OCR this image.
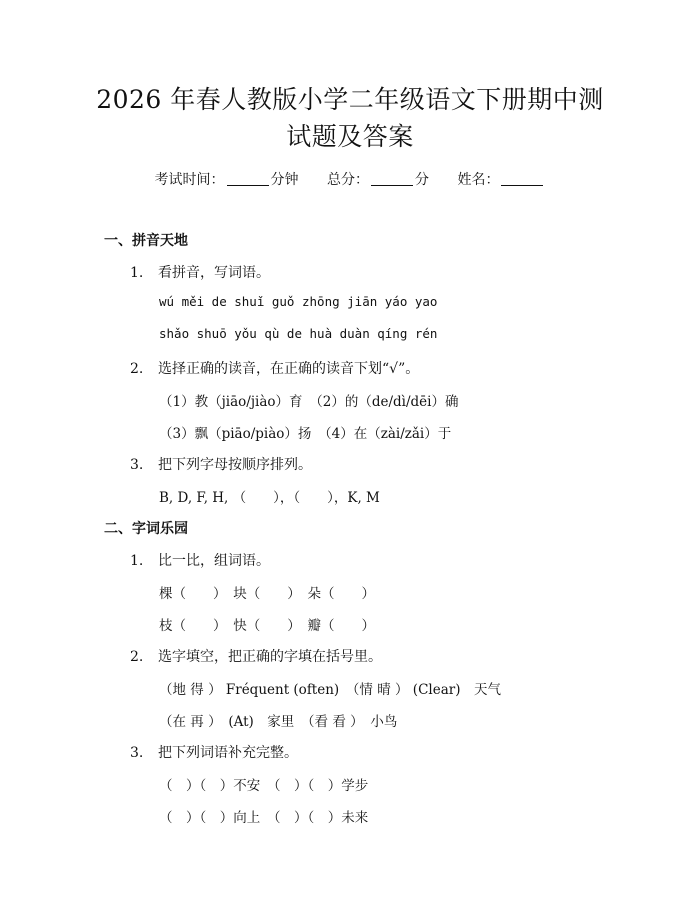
2026 年春人教版小学二年级语文下册期中测
试题及答案
考试时间：	分钟 总分：	分 姓名：
一、拼音天地
1. 看拼音，写词语。
wú měi de shuǐ guǒ zhōng jiān yáo yao
shǎo shuō yǒu qù de huà duàn qíng rén
2. 选择正确的读音，在正确的读音下划“√”。
（1）教（jiāo/jiào）育　（2）的（de/dì/dēi）确
（3）飘（piāo/piào）扬　（4）在（zài/zǎi）于
3. 把下列字母按顺序排列。
B, D, F, H, （　　），（　　），K, M
二、字词乐园
1. 比一比，组词语。
棵（　　）　块（　　）　朵（　　）
枝（　　）　快（　　）　瓣（　　）
2. 选字填空，把正确的字填在括号里。
（地 得 ） Fréquent (often)　（情 晴 ） (Clear)　天气
（在 再 ）　(At)　家里　（看 看 ）　小鸟
3. 把下列词语补充完整。
（　）（　）不安　（　）（　）学步
（　）（　）向上　（　）（　）未来
